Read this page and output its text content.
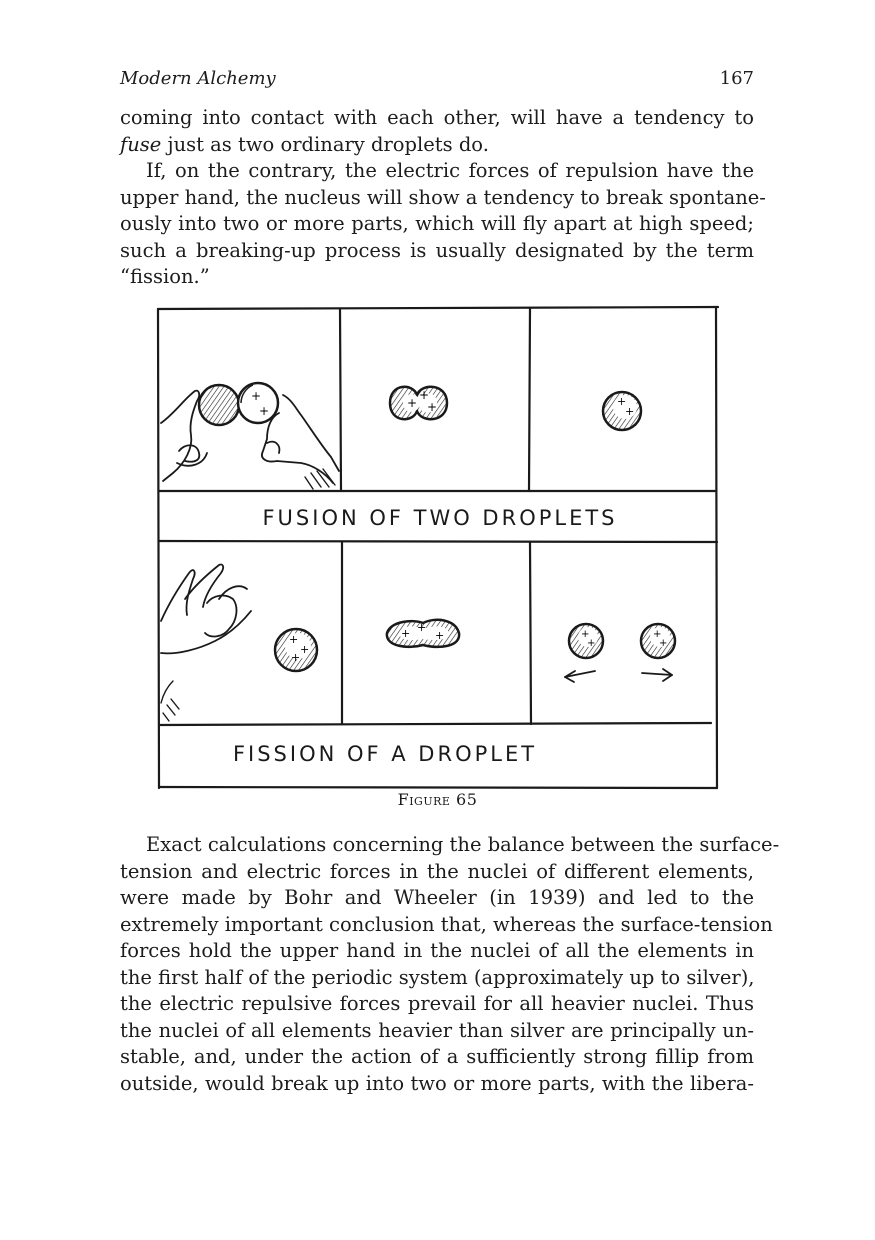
Modern Alchemy	167

coming into contact with each other, will have a tendency to
fuse just as two ordinary droplets do.

If, on the contrary, the electric forces of repulsion have the
upper hand, the nucleus will show a tendency to break spontane-
ously into two or more parts, which will fly apart at high speed;
such a breaking-up process is usually designated by the term
“fission.”

+
+
+
+
+	+
+
FUSION OF TWO DROPLETS
+
+
+
+ +
+	+
+
+
+
FISSION OF A DROPLET
Figure 65

Exact calculations concerning the balance between the surface-
tension and electric forces in the nuclei of different elements,
were made by Bohr and Wheeler (in 1939) and led to the
extremely important conclusion that, whereas the surface-tension
forces hold the upper hand in the nuclei of all the elements in
the first half of the periodic system (approximately up to silver),
the electric repulsive forces prevail for all heavier nuclei. Thus
the nuclei of all elements heavier than silver are principally un-
stable, and, under the action of a sufficiently strong fillip from
outside, would break up into two or more parts, with the libera-
